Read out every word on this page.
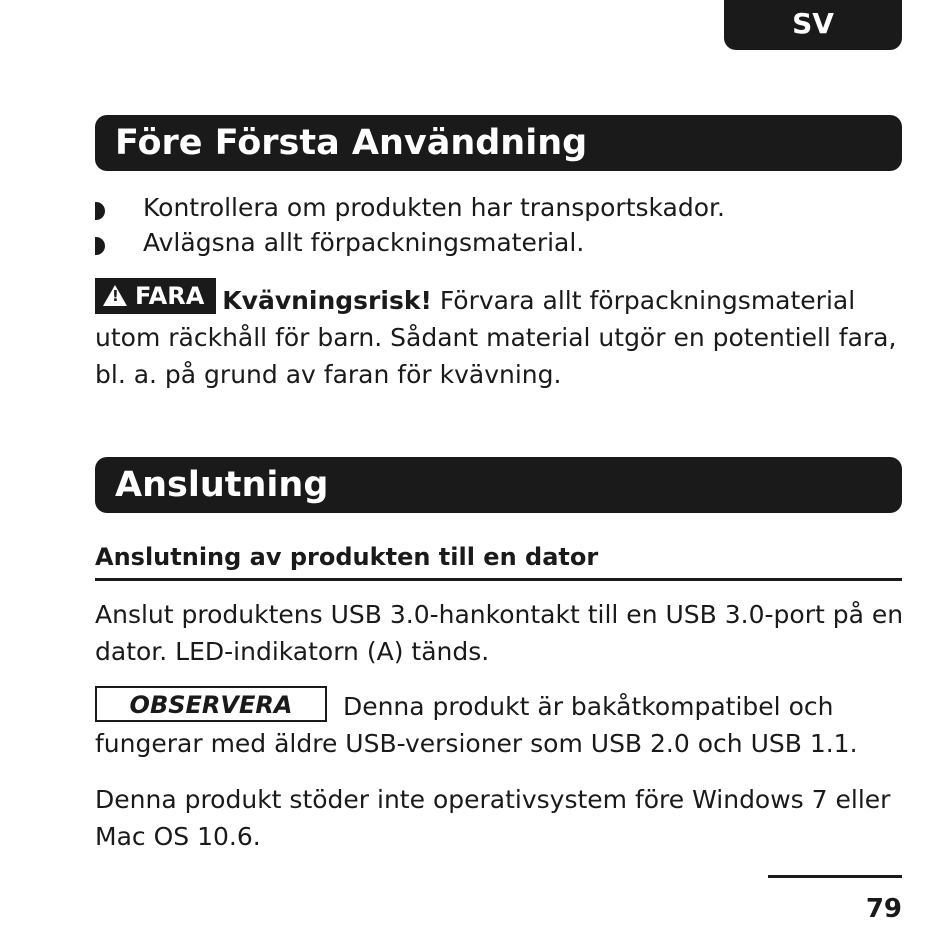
SV
Före Första Användning
Kontrollera om produkten har transportskador.
Avlägsna allt förpackningsmaterial.

!FARA Kvävningsrisk! Förvara allt förpackningsmaterial utom räckhåll för barn. Sådant material utgör en potentiell fara, bl. a. på grund av faran för kvävning.

Anslutning
Anslutning av produkten till en dator

Anslut produktens USB 3.0-hankontakt till en USB 3.0-port på en dator. LED-indikatorn (A) tänds.

OBSERVERA Denna produkt är bakåtkompatibel och fungerar med äldre USB-versioner som USB 2.0 och USB 1.1.

Denna produkt stöder inte operativsystem före Windows 7 eller Mac OS 10.6.

79
